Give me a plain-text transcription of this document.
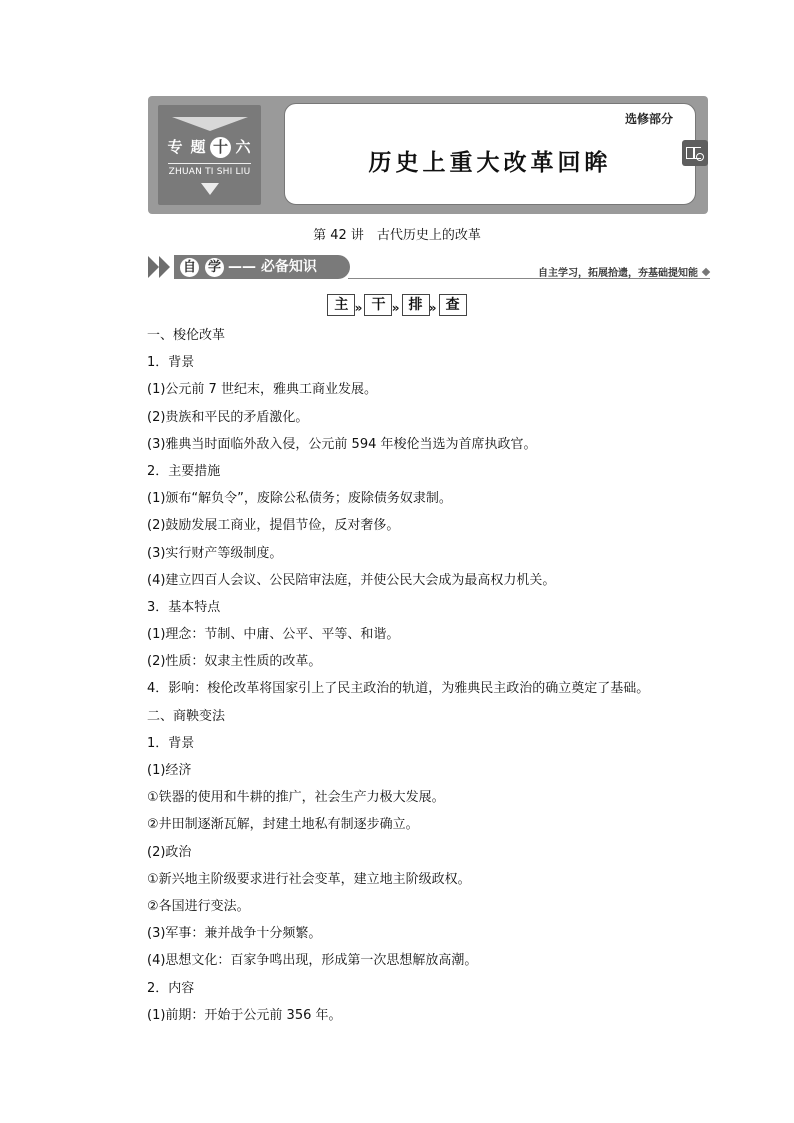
专 题 十 六
ZHUAN TI SHI LIU
选修部分
历史上重大改革回眸
第 42 讲　古代历史上的改革
自 学 —— 必备知识	自主学习，拓展拾遗，夯基础提知能
主 » 干 » 排 » 查
一、梭伦改革
1．背景
(1)公元前 7 世纪末，雅典工商业发展。
(2)贵族和平民的矛盾激化。
(3)雅典当时面临外敌入侵，公元前 594 年梭伦当选为首席执政官。
2．主要措施
(1)颁布“解负令”，废除公私债务；废除债务奴隶制。
(2)鼓励发展工商业，提倡节俭，反对奢侈。
(3)实行财产等级制度。
(4)建立四百人会议、公民陪审法庭，并使公民大会成为最高权力机关。
3．基本特点
(1)理念：节制、中庸、公平、平等、和谐。
(2)性质：奴隶主性质的改革。
4．影响：梭伦改革将国家引上了民主政治的轨道，为雅典民主政治的确立奠定了基础。
二、商鞅变法
1．背景
(1)经济
①铁器的使用和牛耕的推广，社会生产力极大发展。
②井田制逐渐瓦解，封建土地私有制逐步确立。
(2)政治
①新兴地主阶级要求进行社会变革，建立地主阶级政权。
②各国进行变法。
(3)军事：兼并战争十分频繁。
(4)思想文化：百家争鸣出现，形成第一次思想解放高潮。
2．内容
(1)前期：开始于公元前 356 年。
